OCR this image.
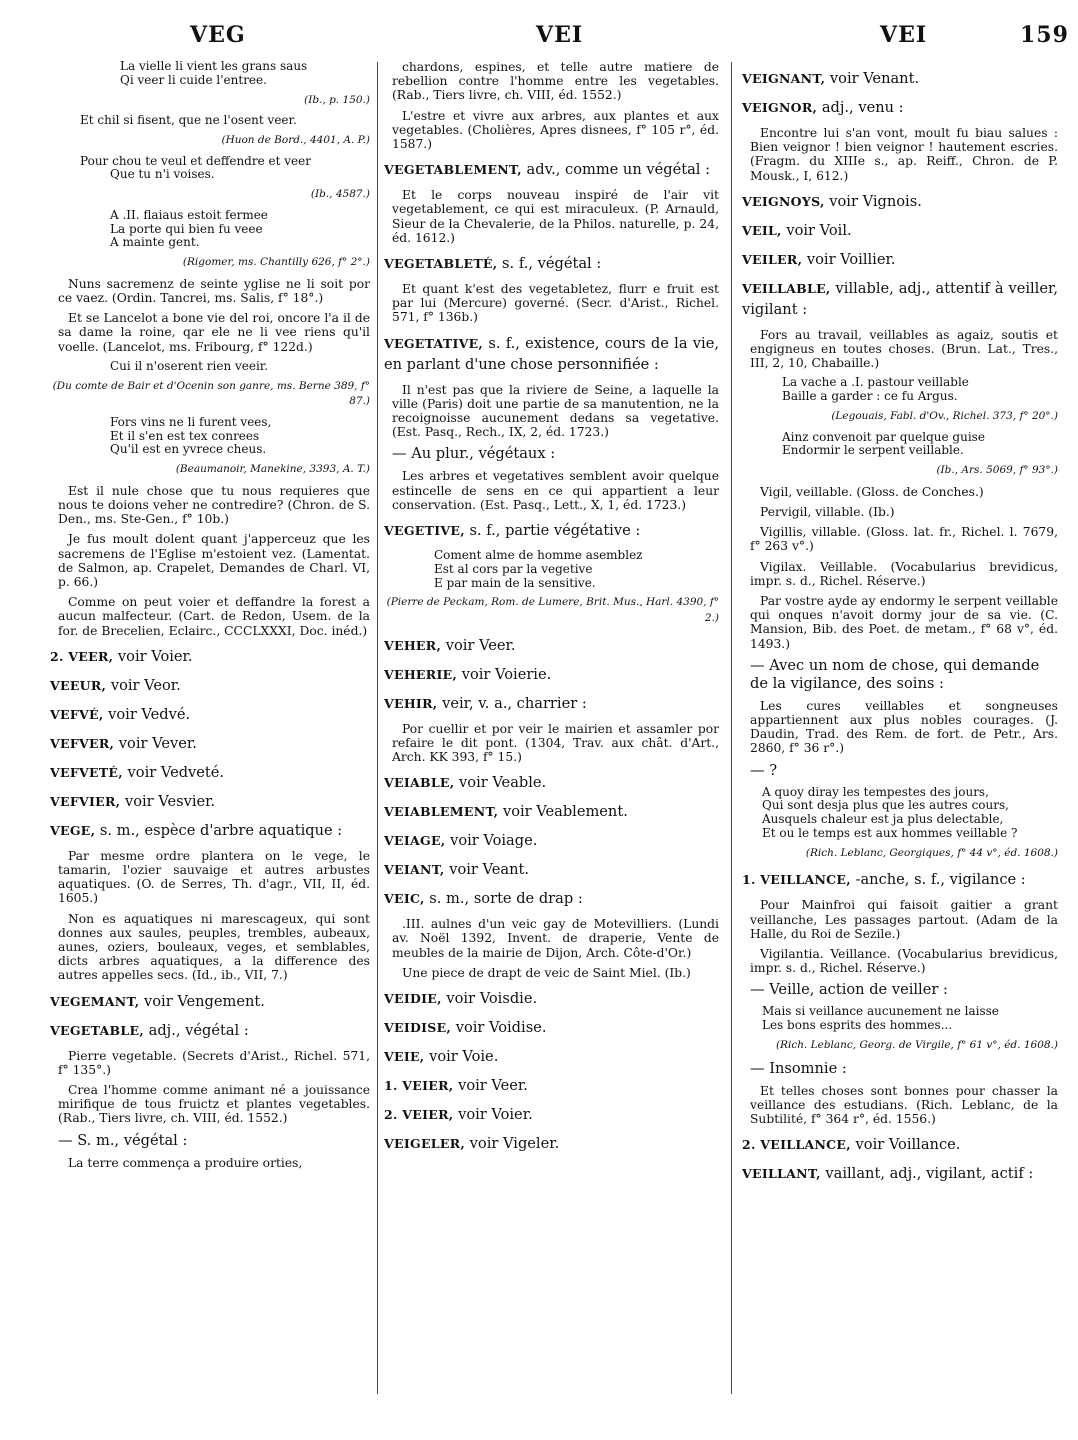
VEG	VEI	VEI	159
La vielle li vient les grans saus
Qi veer li cuide l'entree.
(Ib., p. 150.)
Et chil si fisent, que ne l'osent veer.
(Huon de Bord., 4401, A. P.)
Pour chou te veul et deffendre et veer
Que tu n'i voises.
(Ib., 4587.)
A .II. flaiaus estoit fermee
La porte qui bien fu veee
A mainte gent.
(Rigomer, ms. Chantilly 626, f° 2°.)
Nuns sacremenz de seinte yglise ne li soit por ce vaez. (Ordin. Tancrei, ms. Salis, f° 18°.)
Et se Lancelot a bone vie del roi, oncore l'a il de sa dame la roine, qar ele ne li vee riens qu'il voelle. (Lancelot, ms. Fribourg, f° 122d.)
Cui il n'oserent rien veeir.
(Du comte de Bair et d'Ocenin son ganre, ms. Berne 389, f° 87.)
Fors vins ne li furent vees,
Et il s'en est tex conrees
Qu'il est en yvrece cheus.
(Beaumanoir, Manekine, 3393, A. T.)
Est il nule chose que tu nous requieres que nous te doions veher ne contredire? (Chron. de S. Den., ms. Ste-Gen., f° 10b.)
Je fus moult dolent quant j'apperceuz que les sacremens de l'Eglise m'estoient vez. (Lamentat. de Salmon, ap. Crapelet, Demandes de Charl. VI, p. 66.)
Comme on peut voier et deffandre la forest a aucun malfecteur. (Cart. de Redon, Usem. de la for. de Brecelien, Eclairc., CCCLXXXI, Doc. inéd.)
2. VEER, voir Voier.
VEEUR, voir Veor.
VEFVÉ, voir Vedvé.
VEFVER, voir Vever.
VEFVETÉ, voir Vedveté.
VEFVIER, voir Vesvier.
VEGE, s. m., espèce d'arbre aquatique :
Par mesme ordre plantera on le vege, le tamarin, l'ozier sauvaige et autres arbustes aquatiques. (O. de Serres, Th. d'agr., VII, II, éd. 1605.)
Non es aquatiques ni marescageux, qui sont donnes aux saules, peuples, trembles, aubeaux, aunes, oziers, bouleaux, veges, et semblables, dicts arbres aquatiques, a la difference des autres appelles secs. (Id., ib., VII, 7.)
VEGEMANT, voir Vengement.
VEGETABLE, adj., végétal :
Pierre vegetable. (Secrets d'Arist., Richel. 571, f° 135°.)
Crea l'homme comme animant né a jouissance mirifique de tous fruictz et plantes vegetables. (Rab., Tiers livre, ch. VIII, éd. 1552.)
— S. m., végétal :
La terre commença a produire orties,
chardons, espines, et telle autre matiere de rebellion contre l'homme entre les vegetables. (Rab., Tiers livre, ch. VIII, éd. 1552.)
L'estre et vivre aux arbres, aux plantes et aux vegetables. (Cholières, Apres disnees, f° 105 r°, éd. 1587.)
VEGETABLEMENT, adv., comme un végétal :
Et le corps nouveau inspiré de l'air vit vegetablement, ce qui est miraculeux. (P. Arnauld, Sieur de la Chevalerie, de la Philos. naturelle, p. 24, éd. 1612.)
VEGETABLETÉ, s. f., végétal :
Et quant k'est des vegetabletez, flurr e fruit est par lui (Mercure) governé. (Secr. d'Arist., Richel. 571, f° 136b.)
VEGETATIVE, s. f., existence, cours de la vie, en parlant d'une chose personnifiée :
Il n'est pas que la riviere de Seine, a laquelle la ville (Paris) doit une partie de sa manutention, ne la recoignoisse aucunement dedans sa vegetative. (Est. Pasq., Rech., IX, 2, éd. 1723.)
— Au plur., végétaux :
Les arbres et vegetatives semblent avoir quelque estincelle de sens en ce qui appartient a leur conservation. (Est. Pasq., Lett., X, 1, éd. 1723.)
VEGETIVE, s. f., partie végétative :
Coment alme de homme asemblez
Est al cors par la vegetive
E par main de la sensitive.
(Pierre de Peckam, Rom. de Lumere, Brit. Mus., Harl. 4390, f° 2.)
VEHER, voir Veer.
VEHERIE, voir Voierie.
VEHIR, veir, v. a., charrier :
Por cuellir et por veir le mairien et assamler por refaire le dit pont. (1304, Trav. aux chât. d'Art., Arch. KK 393, f° 15.)
VEIABLE, voir Veable.
VEIABLEMENT, voir Veablement.
VEIAGE, voir Voiage.
VEIANT, voir Veant.
VEIC, s. m., sorte de drap :
.III. aulnes d'un veic gay de Motevilliers. (Lundi av. Noël 1392, Invent. de draperie, Vente de meubles de la mairie de Dijon, Arch. Côte-d'Or.)
Une piece de drapt de veic de Saint Miel. (Ib.)
VEIDIE, voir Voisdie.
VEIDISE, voir Voidise.
VEIE, voir Voie.
1. VEIER, voir Veer.
2. VEIER, voir Voier.
VEIGELER, voir Vigeler.
VEIGNANT, voir Venant.
VEIGNOR, adj., venu :
Encontre lui s'an vont, moult fu biau salues : Bien veignor ! bien veignor ! hautement escries. (Fragm. du XIIIe s., ap. Reiff., Chron. de P. Mousk., I, 612.)
VEIGNOYS, voir Vignois.
VEIL, voir Voil.
VEILER, voir Voillier.
VEILLABLE, villable, adj., attentif à veiller, vigilant :
Fors au travail, veillables as agaiz, soutis et engigneus en toutes choses. (Brun. Lat., Tres., III, 2, 10, Chabaille.)
La vache a .I. pastour veillable
Baille a garder : ce fu Argus.
(Legouais, Fabl. d'Ov., Richel. 373, f° 20°.)
Ainz convenoit par quelque guise
Endormir le serpent veillable.
(Ib., Ars. 5069, f° 93°.)
Vigil, veillable. (Gloss. de Conches.)
Pervigil, villable. (Ib.)
Vigillis, villable. (Gloss. lat. fr., Richel. l. 7679, f° 263 v°.)
Vigilax. Veillable. (Vocabularius brevidicus, impr. s. d., Richel. Réserve.)
Par vostre ayde ay endormy le serpent veillable qui onques n'avoit dormy jour de sa vie. (C. Mansion, Bib. des Poet. de metam., f° 68 v°, éd. 1493.)
— Avec un nom de chose, qui demande de la vigilance, des soins :
Les cures veillables et songneuses appartiennent aux plus nobles courages. (J. Daudin, Trad. des Rem. de fort. de Petr., Ars. 2860, f° 36 r°.)
— ?
A quoy diray les tempestes des jours,
Qui sont desja plus que les autres cours,
Ausquels chaleur est ja plus delectable,
Et ou le temps est aux hommes veillable ?
(Rich. Leblanc, Georgiques, f° 44 v°, éd. 1608.)
1. VEILLANCE, -anche, s. f., vigilance :
Pour Mainfroi qui faisoit gaitier a grant veillanche, Les passages partout. (Adam de la Halle, du Roi de Sezile.)
Vigilantia. Veillance. (Vocabularius brevidicus, impr. s. d., Richel. Réserve.)
— Veille, action de veiller :
Mais si veillance aucunement ne laisse
Les bons esprits des hommes...
(Rich. Leblanc, Georg. de Virgile, f° 61 v°, éd. 1608.)
— Insomnie :
Et telles choses sont bonnes pour chasser la veillance des estudians. (Rich. Leblanc, de la Subtilité, f° 364 r°, éd. 1556.)
2. VEILLANCE, voir Voillance.
VEILLANT, vaillant, adj., vigilant, actif :
